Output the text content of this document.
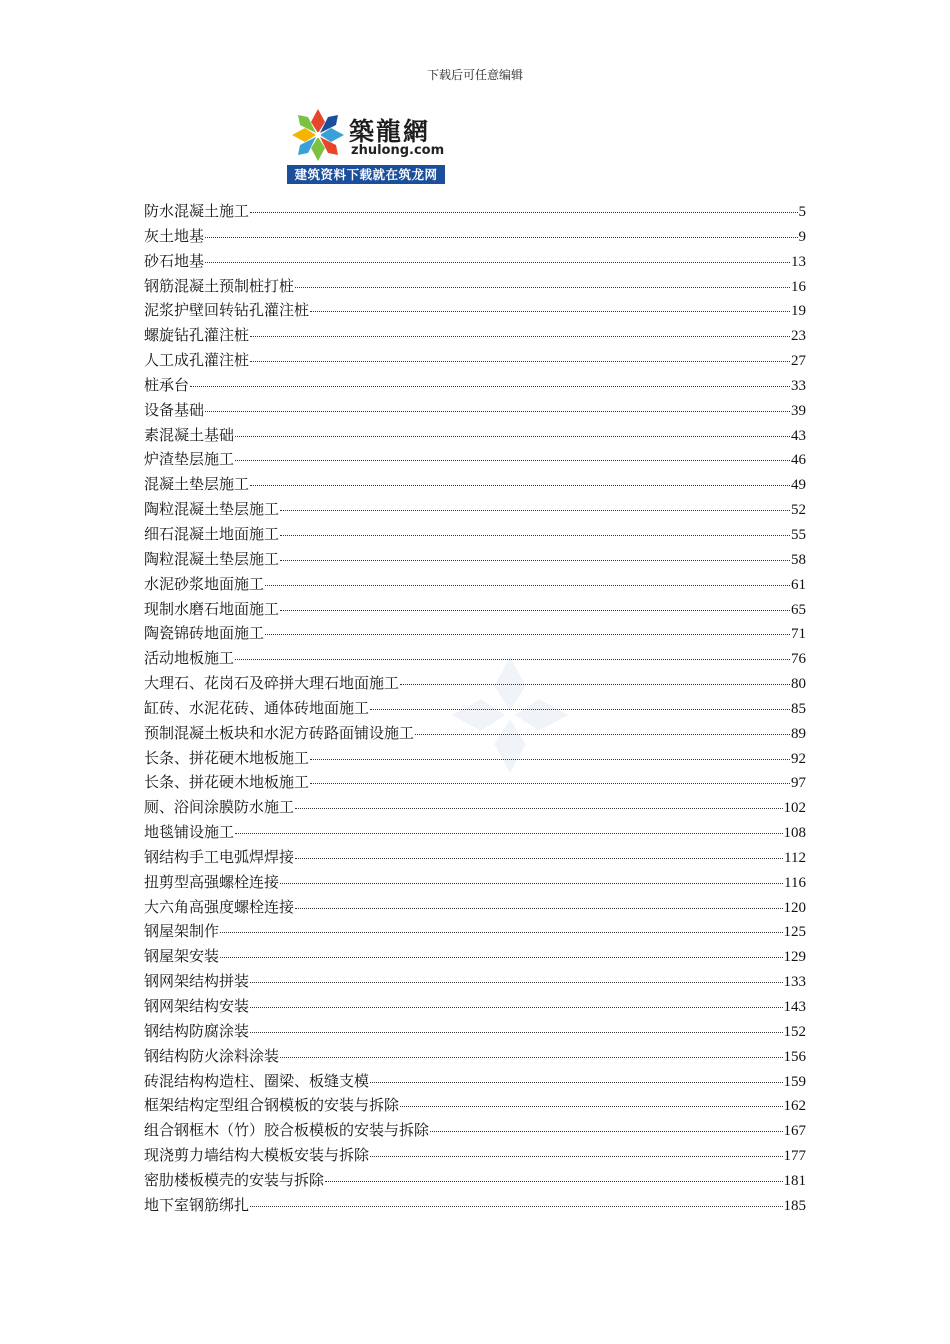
下载后可任意编辑
築龍網
zhulong.com
建筑资料下载就在筑龙网
防水混凝土施工	5
灰土地基	9
砂石地基	13
钢筋混凝土预制桩打桩	16
泥浆护壁回转钻孔灌注桩	19
螺旋钻孔灌注桩	23
人工成孔灌注桩	27
桩承台	33
设备基础	39
素混凝土基础	43
炉渣垫层施工	46
混凝土垫层施工	49
陶粒混凝土垫层施工	52
细石混凝土地面施工	55
陶粒混凝土垫层施工	58
水泥砂浆地面施工	61
现制水磨石地面施工	65
陶瓷锦砖地面施工	71
活动地板施工	76
大理石、花岗石及碎拼大理石地面施工	80
缸砖、水泥花砖、通体砖地面施工	85
预制混凝土板块和水泥方砖路面铺设施工	89
长条、拼花硬木地板施工	92
长条、拼花硬木地板施工	97
厕、浴间涂膜防水施工	102
地毯铺设施工	108
钢结构手工电弧焊焊接	112
扭剪型高强螺栓连接	116
大六角高强度螺栓连接	120
钢屋架制作	125
钢屋架安装	129
钢网架结构拼装	133
钢网架结构安装	143
钢结构防腐涂装	152
钢结构防火涂料涂装	156
砖混结构构造柱、圈梁、板缝支模	159
框架结构定型组合钢模板的安装与拆除	162
组合钢框木（竹）胶合板模板的安装与拆除	167
现浇剪力墙结构大模板安装与拆除	177
密肋楼板模壳的安装与拆除	181
地下室钢筋绑扎	185
